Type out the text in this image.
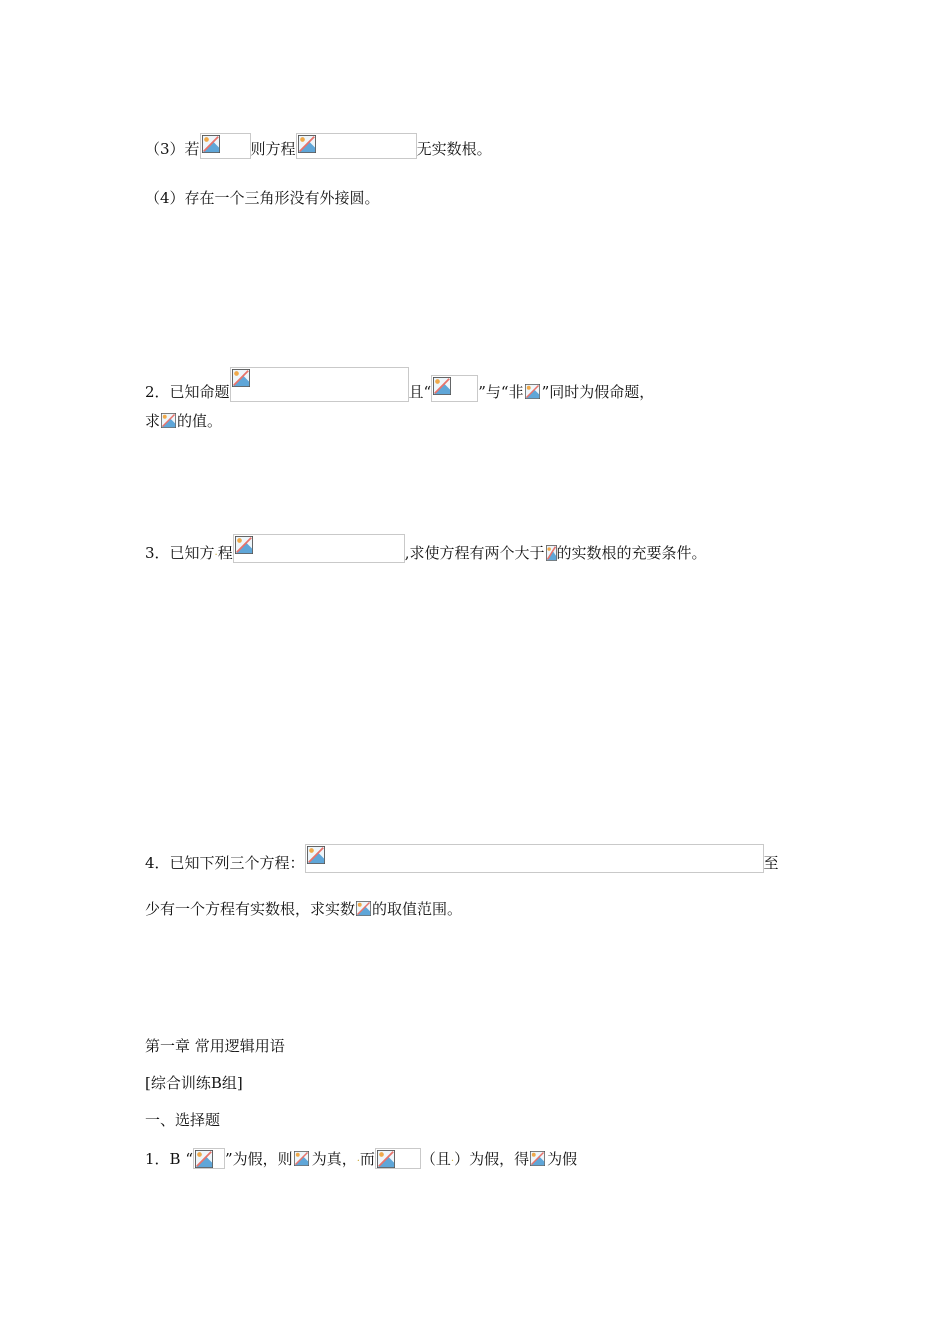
（3）若	则方程	无实数根。
（4）存在一个三角形没有外接圆。
2．已知命题	且“	”与“非 ”同时为假命题，
求 的值。
3．已知方.程	,求使方程有两个大于 的实数根的充要条件。
4．已知下列三个方程：	至
少有一个方程有实数根，求实数 的取值范围。
第一章 常用逻辑用语
[综合训练B组]
一、选择题
1．B “ ”为假，则 为真，.而	（且.）为假，得 为假
